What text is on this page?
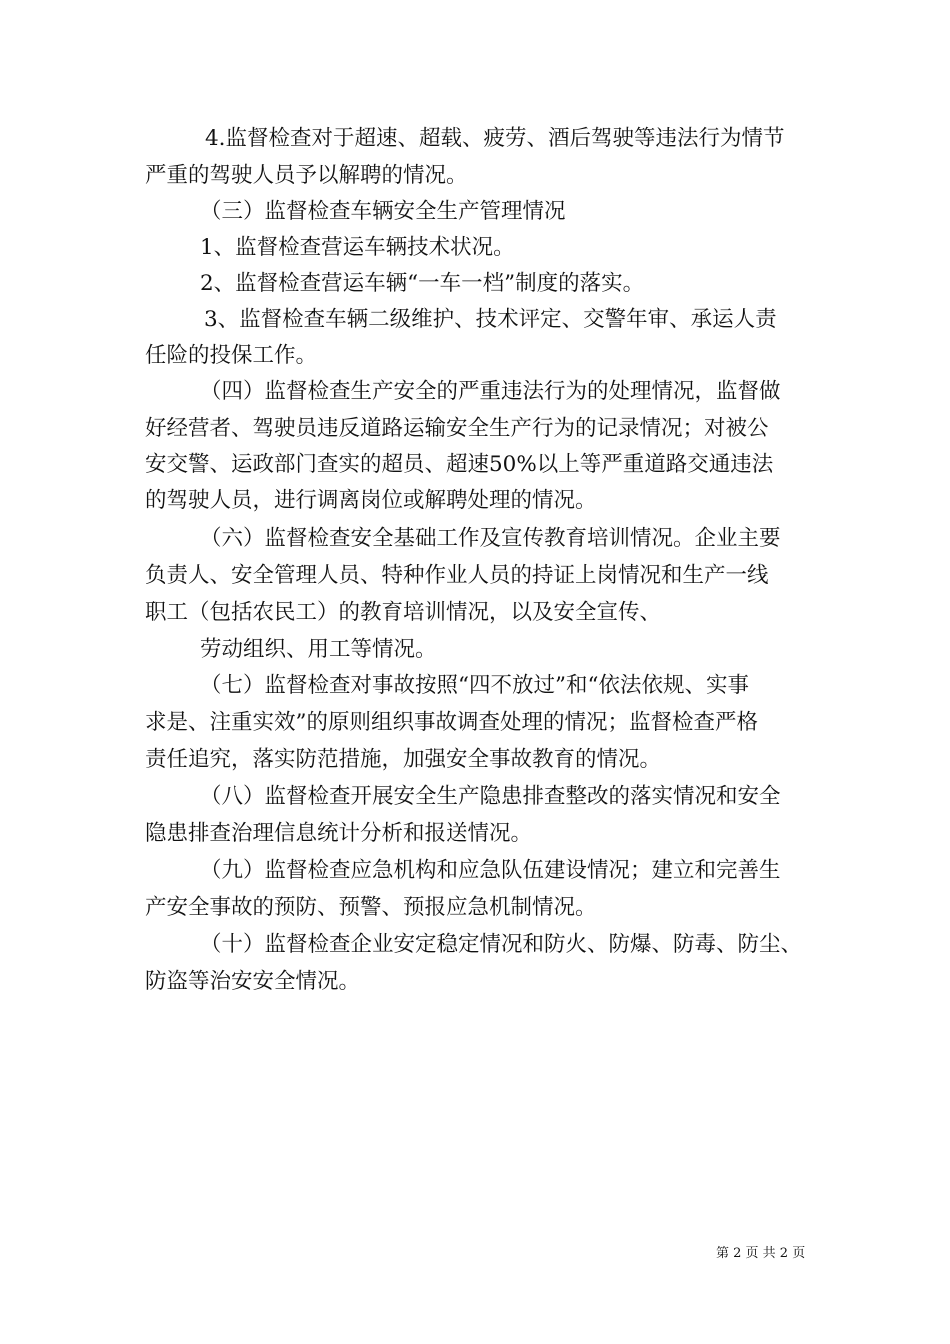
4.监督检查对于超速、超载、疲劳、酒后驾驶等违法行为情节
严重的驾驶人员予以解聘的情况。
（三）监督检查车辆安全生产管理情况
1、监督检查营运车辆技术状况。
2、监督检查营运车辆“一车一档”制度的落实。
3、监督检查车辆二级维护、技术评定、交警年审、承运人责
任险的投保工作。
（四）监督检查生产安全的严重违法行为的处理情况，监督做
好经营者、驾驶员违反道路运输安全生产行为的记录情况；对被公
安交警、运政部门查实的超员、超速50%以上等严重道路交通违法
的驾驶人员，进行调离岗位或解聘处理的情况。
（六）监督检查安全基础工作及宣传教育培训情况。企业主要
负责人、安全管理人员、特种作业人员的持证上岗情况和生产一线
职工（包括农民工）的教育培训情况，以及安全宣传、
劳动组织、用工等情况。
（七）监督检查对事故按照“四不放过”和“依法依规、实事
求是、注重实效”的原则组织事故调查处理的情况；监督检查严格
责任追究，落实防范措施，加强安全事故教育的情况。
（八）监督检查开展安全生产隐患排查整改的落实情况和安全
隐患排查治理信息统计分析和报送情况。
（九）监督检查应急机构和应急队伍建设情况；建立和完善生
产安全事故的预防、预警、预报应急机制情况。
（十）监督检查企业安定稳定情况和防火、防爆、防毒、防尘、
防盗等治安安全情况。
第 2 页 共 2 页
